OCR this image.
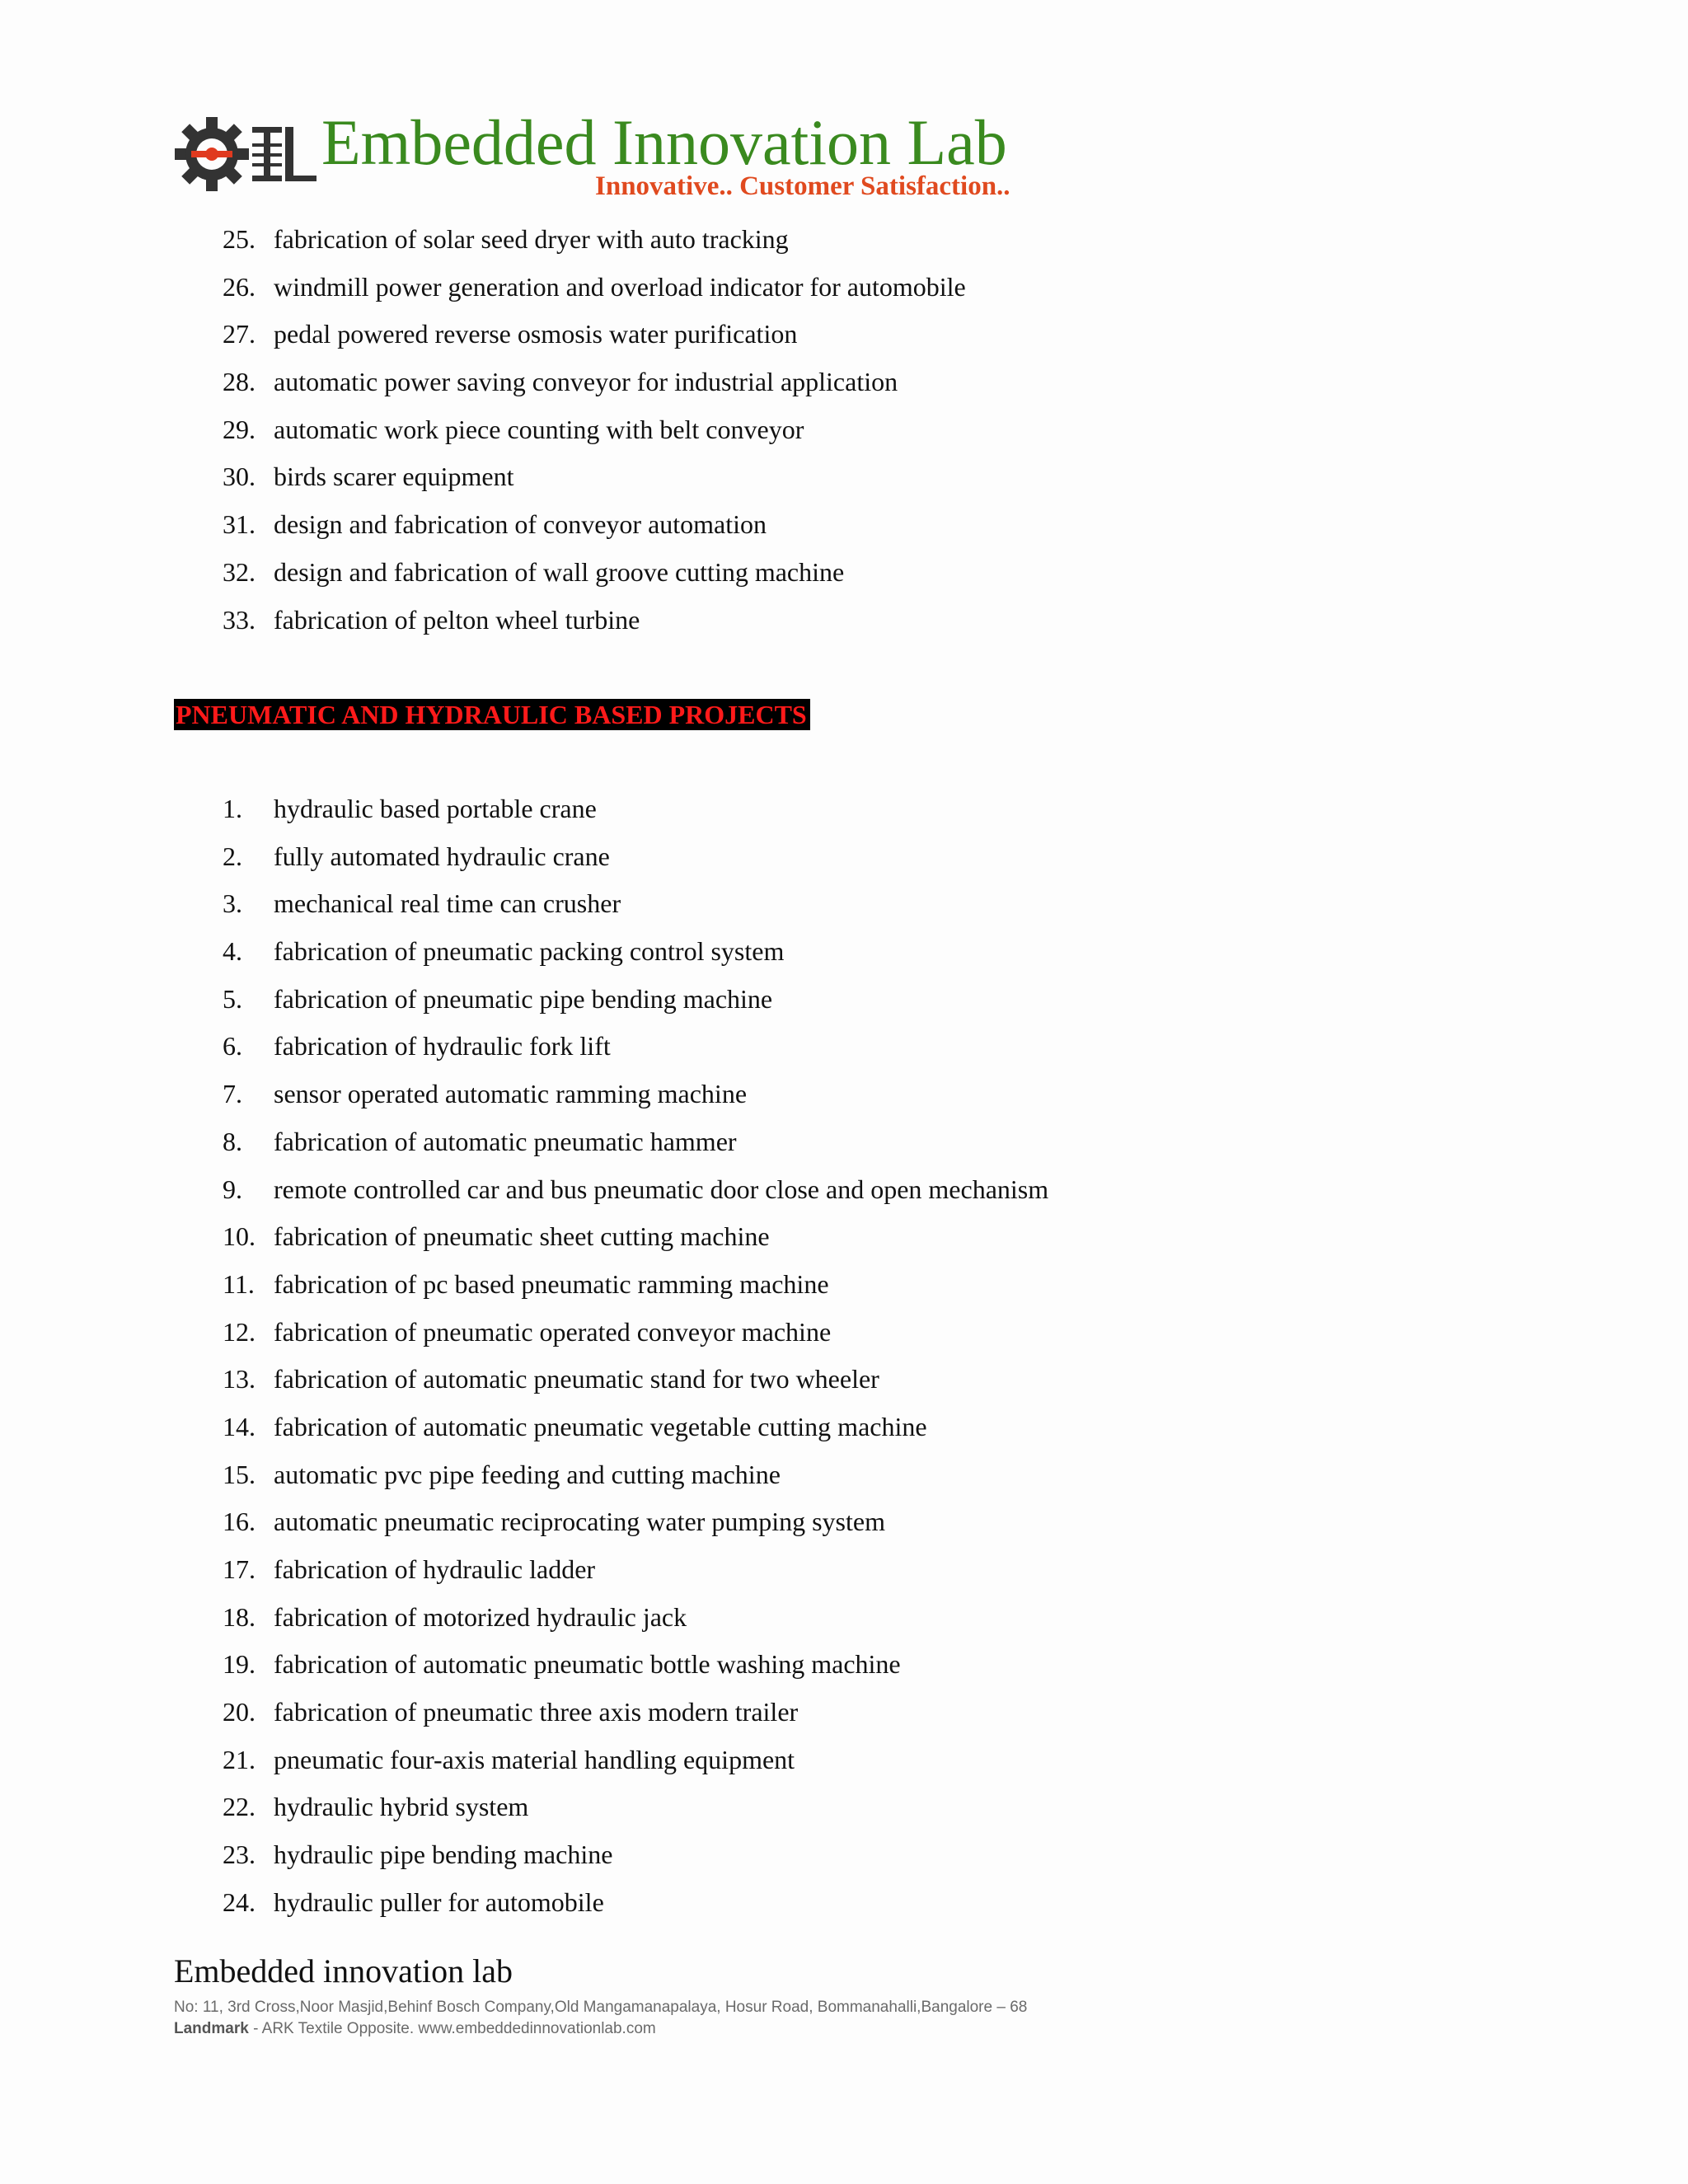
Embedded Innovation Lab
Innovative.. Customer Satisfaction..
25. fabrication of solar seed dryer with auto tracking
26. windmill power generation and overload indicator for automobile
27. pedal powered reverse osmosis water purification
28. automatic power saving conveyor for industrial application
29. automatic work piece counting with belt conveyor
30. birds scarer equipment
31. design and fabrication of conveyor automation
32. design and fabrication of wall groove cutting machine
33. fabrication of pelton wheel turbine
PNEUMATIC AND HYDRAULIC BASED PROJECTS
1. hydraulic based portable crane
2. fully automated hydraulic crane
3. mechanical real time can crusher
4. fabrication of pneumatic packing control system
5. fabrication of pneumatic pipe bending machine
6. fabrication of hydraulic fork lift
7. sensor operated automatic ramming machine
8. fabrication of automatic pneumatic hammer
9. remote controlled car and bus pneumatic door close and open mechanism
10. fabrication of pneumatic sheet cutting machine
11. fabrication of pc based pneumatic ramming machine
12. fabrication of pneumatic operated conveyor machine
13. fabrication of automatic pneumatic stand for two wheeler
14. fabrication of automatic pneumatic vegetable cutting machine
15. automatic pvc pipe feeding and cutting machine
16. automatic pneumatic reciprocating water pumping system
17. fabrication of hydraulic ladder
18. fabrication of motorized hydraulic jack
19. fabrication of automatic pneumatic bottle washing machine
20. fabrication of pneumatic three axis modern trailer
21. pneumatic four-axis material handling equipment
22. hydraulic hybrid system
23. hydraulic pipe bending machine
24. hydraulic puller for automobile
Embedded innovation lab
No: 11, 3rd Cross,Noor Masjid,Behinf Bosch Company,Old Mangamanapalaya, Hosur Road, Bommanahalli,Bangalore – 68
Landmark - ARK Textile Opposite. www.embeddedinnovationlab.com
